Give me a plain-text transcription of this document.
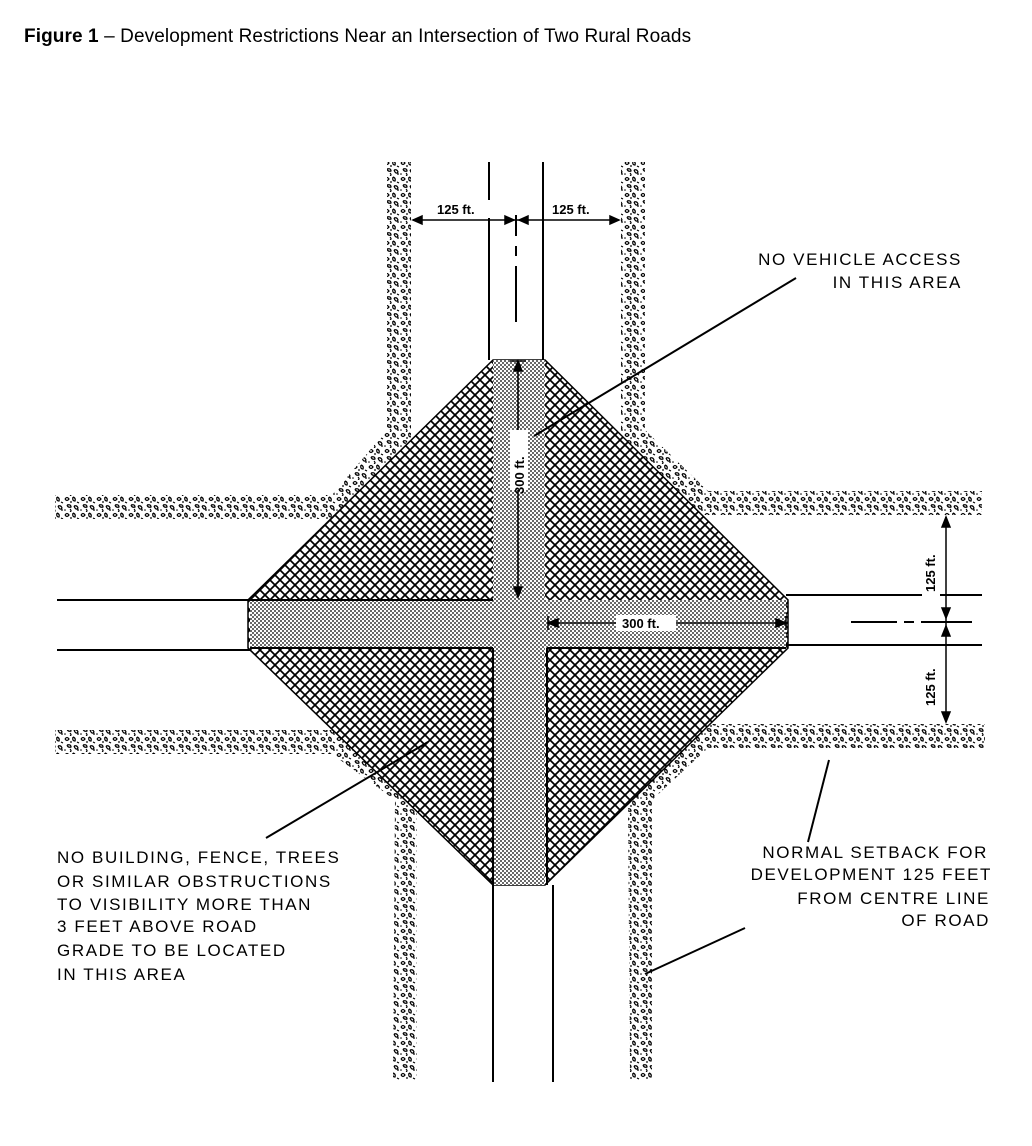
Figure 1 – Development Restrictions Near an Intersection of Two Rural Roads
125 ft.	125 ft.
300 ft.
300 ft.
125 ft.
125 ft.
NO VEHICLE ACCESS
IN THIS AREA
NO BUILDING, FENCE, TREES
OR SIMILAR OBSTRUCTIONS
TO VISIBILITY MORE THAN
3 FEET ABOVE ROAD
GRADE TO BE LOCATED
IN THIS AREA
NORMAL SETBACK FOR
DEVELOPMENT 125 FEET
FROM CENTRE LINE
OF ROAD
